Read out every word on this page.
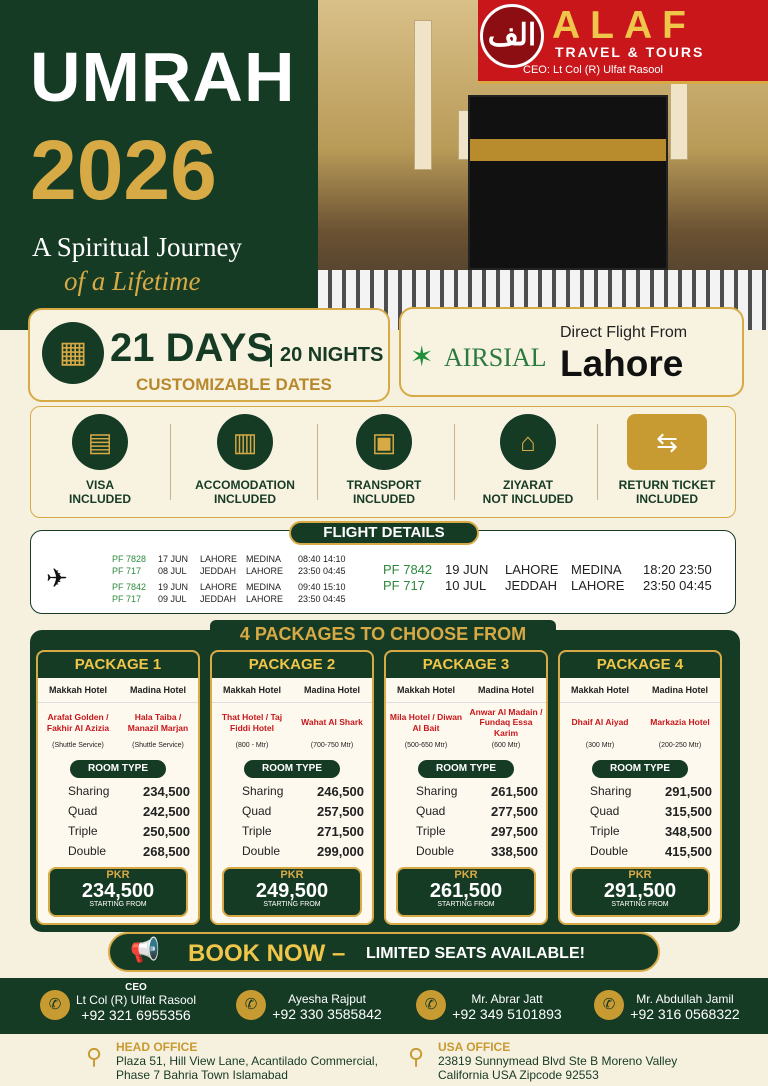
UMRAH
2026
A Spiritual Journey
of a Lifetime
الف ALAF
TRAVEL & TOURS
CEO: Lt Col (R) Ulfat Rasool
▦ 21 DAYS 20 NIGHTS
CUSTOMIZABLE DATES
✶ AIRSIAL
Direct Flight From
Lahore
▤
VISA
INCLUDED
▥
ACCOMODATION
INCLUDED
▣
TRANSPORT
INCLUDED
⌂
ZIYARAT
NOT INCLUDED
⇆
RETURN TICKET
INCLUDED
FLIGHT DETAILS
✈
PF 7828 17 JUN LAHORE MEDINA 08:40 14:10
PF 717 08 JUL JEDDAH LAHORE 23:50 04:45
PF 7842 19 JUN LAHORE MEDINA 09:40 15:10
PF 717 09 JUL JEDDAH LAHORE 23:50 04:45
PF 7842 19 JUN LAHORE MEDINA 18:20 23:50
PF 717 10 JUL JEDDAH LAHORE 23:50 04:45
4 PACKAGES TO CHOOSE FROM
PACKAGE 1
Makkah Hotel	Madina Hotel
Arafat Golden / Fakhir Al Azizia
Hala Taiba / Manazil Marjan
(Shuttle Service)	(Shuttle Service)
ROOM TYPE
Sharing	234,500
Quad	242,500
Triple	250,500
Double	268,500
PKR
234,500
STARTING FROM
PACKAGE 2
Makkah Hotel	Madina Hotel
That Hotel / Taj Fiddi Hotel
Wahat Al Shark
(800 - Mtr)	(700-750 Mtr)
ROOM TYPE
Sharing	246,500
Quad	257,500
Triple	271,500
Double	299,000
PKR
249,500
STARTING FROM
PACKAGE 3
Makkah Hotel	Madina Hotel
Mila Hotel / Diwan Al Bait
Anwar Al Madain / Fundaq Essa Karim
(500-650 Mtr)	(600 Mtr)
ROOM TYPE
Sharing	261,500
Quad	277,500
Triple	297,500
Double	338,500
PKR
261,500
STARTING FROM
PACKAGE 4
Makkah Hotel	Madina Hotel
Dhaif Al Aiyad	Markazia Hotel
(300 Mtr)	(200-250 Mtr)
ROOM TYPE
Sharing	291,500
Quad	315,500
Triple	348,500
Double	415,500
PKR
291,500
STARTING FROM
📢 BOOK NOW – LIMITED SEATS AVAILABLE!
✆
CEO
Lt Col (R) Ulfat Rasool
+92 321 6955356
✆	Ayesha Rajput
+92 330 3585842
✆	Mr. Abrar Jatt
+92 349 5101893
✆	Mr. Abdullah Jamil
+92 316 0568322
⚲ HEAD OFFICE
Plaza 51, Hill View Lane, Acantilado Commercial,
Phase 7 Bahria Town Islamabad
⚲ USA OFFICE
23819 Sunnymead Blvd Ste B Moreno Valley
California USA Zipcode 92553
